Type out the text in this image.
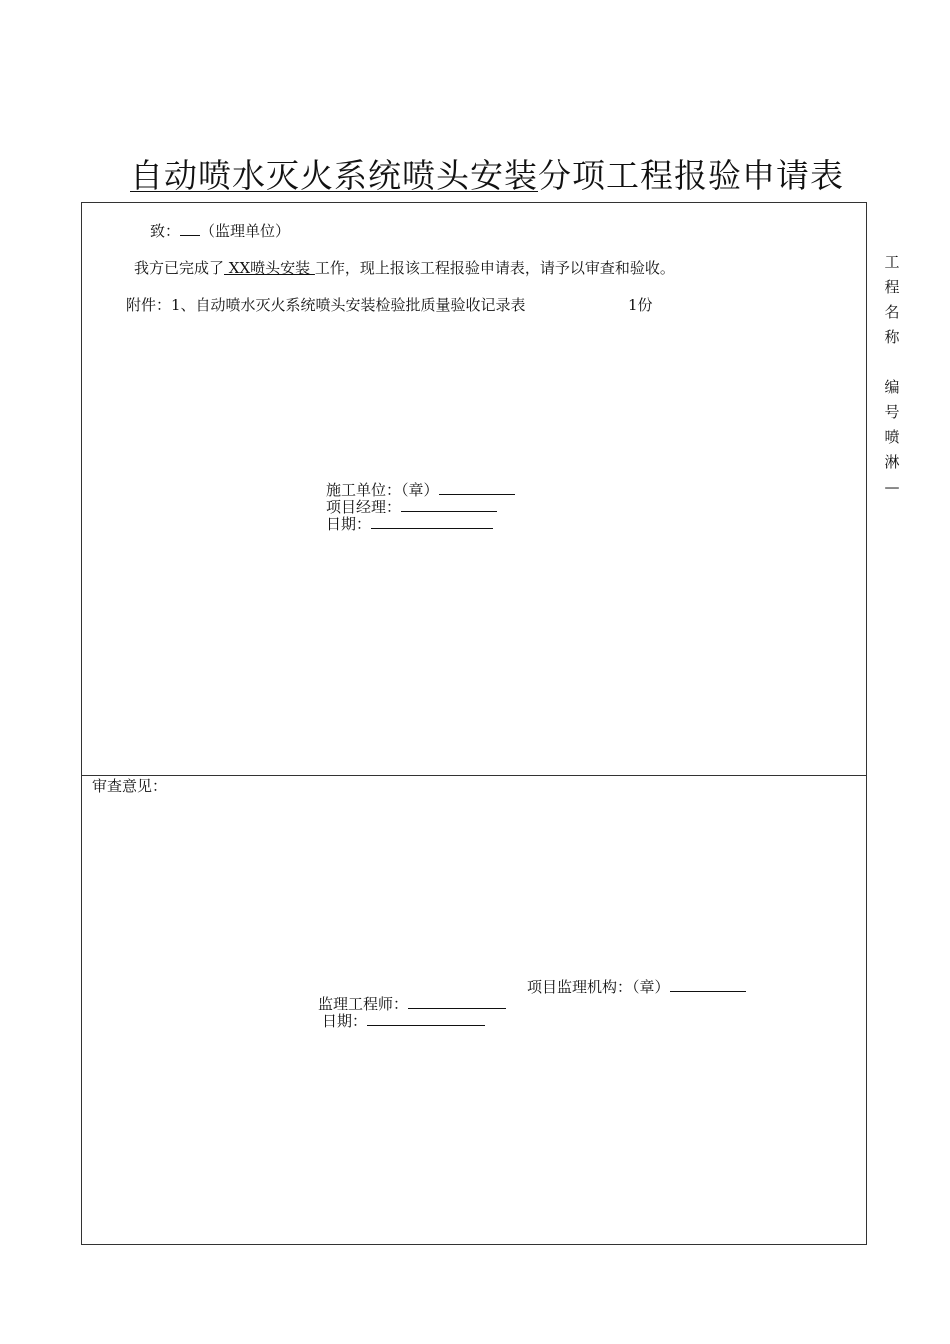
自动喷水灭火系统喷头安装分项工程报验申请表
致： （监理单位）
我方已完成了 XX喷头安装 工作，现上报该工程报验申请表，请予以审查和验收。
附件：1、自动喷水灭火系统喷头安装检验批质量验收记录表	1份
施工单位：（章）
项目经理：
日期：
审查意见：
项目监理机构：（章）
监理工程师：
日期：
工
程
名
称
编
号
喷
淋
—
